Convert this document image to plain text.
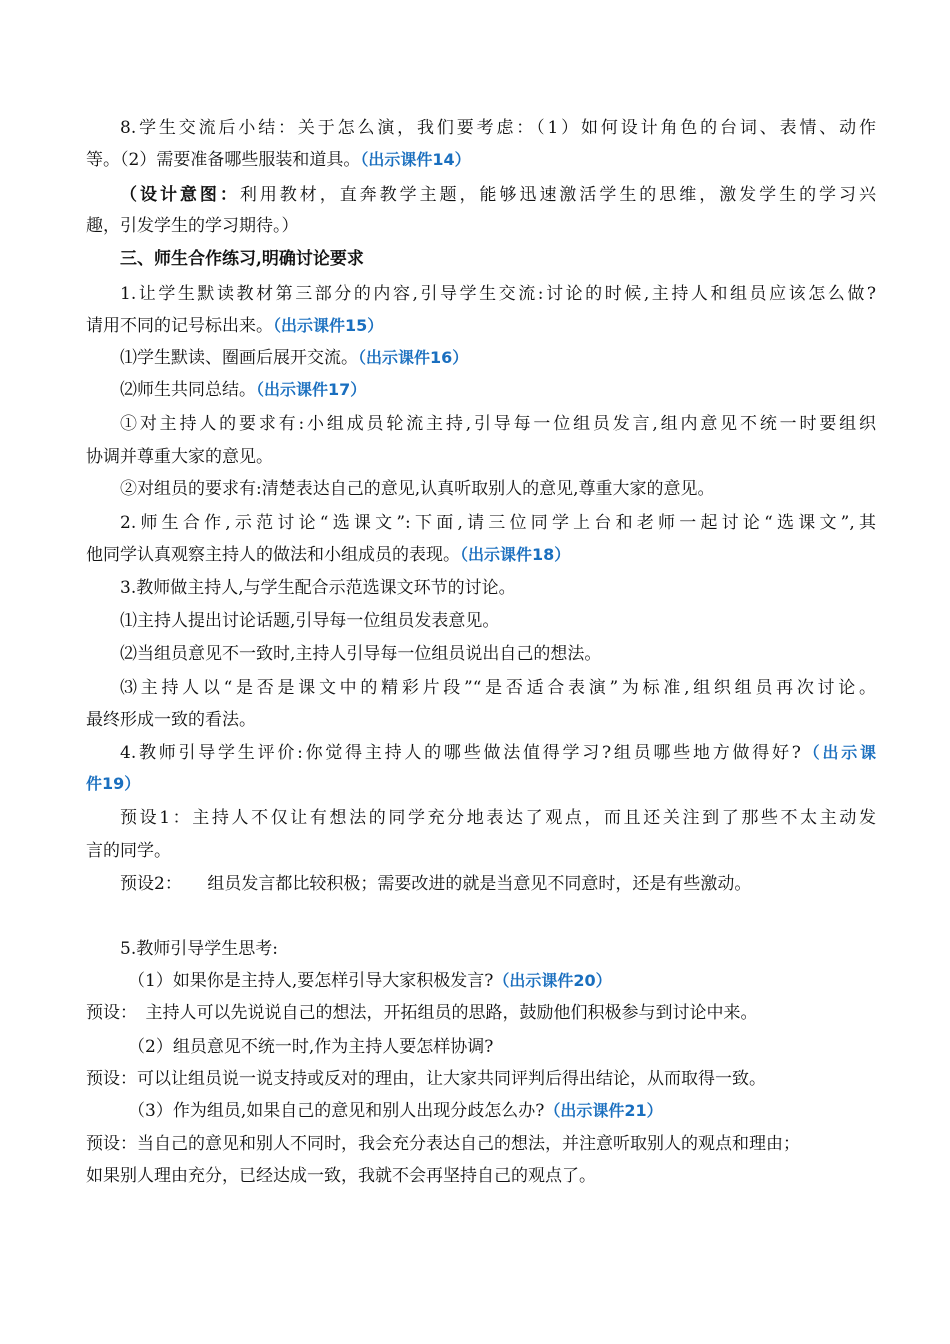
8.学生交流后小结：关于怎么演，我们要考虑：（1）如何设计角色的台词、表情、动作
等。（2）需要准备哪些服装和道具。（出示课件14）
（设计意图：利用教材，直奔教学主题，能够迅速激活学生的思维，激发学生的学习兴
趣，引发学生的学习期待。）
三、师生合作练习,明确讨论要求
1.让学生默读教材第三部分的内容,引导学生交流:讨论的时候,主持人和组员应该怎么做?
请用不同的记号标出来。（出示课件15）
⑴学生默读、圈画后展开交流。（出示课件16）
⑵师生共同总结。（出示课件17）
①对主持人的要求有:小组成员轮流主持,引导每一位组员发言,组内意见不统一时要组织
协调并尊重大家的意见。
②对组员的要求有:清楚表达自己的意见,认真听取别人的意见,尊重大家的意见。
2.师生合作,示范讨论“选课文”:下面,请三位同学上台和老师一起讨论“选课文”,其
他同学认真观察主持人的做法和小组成员的表现。（出示课件18）
3.教师做主持人,与学生配合示范选课文环节的讨论。
⑴主持人提出讨论话题,引导每一位组员发表意见。
⑵当组员意见不一致时,主持人引导每一位组员说出自己的想法。
⑶主持人以“是否是课文中的精彩片段”“是否适合表演”为标准,组织组员再次讨论。
最终形成一致的看法。
4.教师引导学生评价:你觉得主持人的哪些做法值得学习?组员哪些地方做得好?（出示课
件19）
预设1：主持人不仅让有想法的同学充分地表达了观点，而且还关注到了那些不太主动发
言的同学。
预设2：　　组员发言都比较积极；需要改进的就是当意见不同意时，还是有些激动。
5.教师引导学生思考:
（1）如果你是主持人,要怎样引导大家积极发言?（出示课件20）
预设：　主持人可以先说说自己的想法，开拓组员的思路，鼓励他们积极参与到讨论中来。
（2）组员意见不统一时,作为主持人要怎样协调?
预设：可以让组员说一说支持或反对的理由，让大家共同评判后得出结论，从而取得一致。
（3）作为组员,如果自己的意见和别人出现分歧怎么办?（出示课件21）
预设：当自己的意见和别人不同时，我会充分表达自己的想法，并注意听取别人的观点和理由；
如果别人理由充分，已经达成一致，我就不会再坚持自己的观点了。
